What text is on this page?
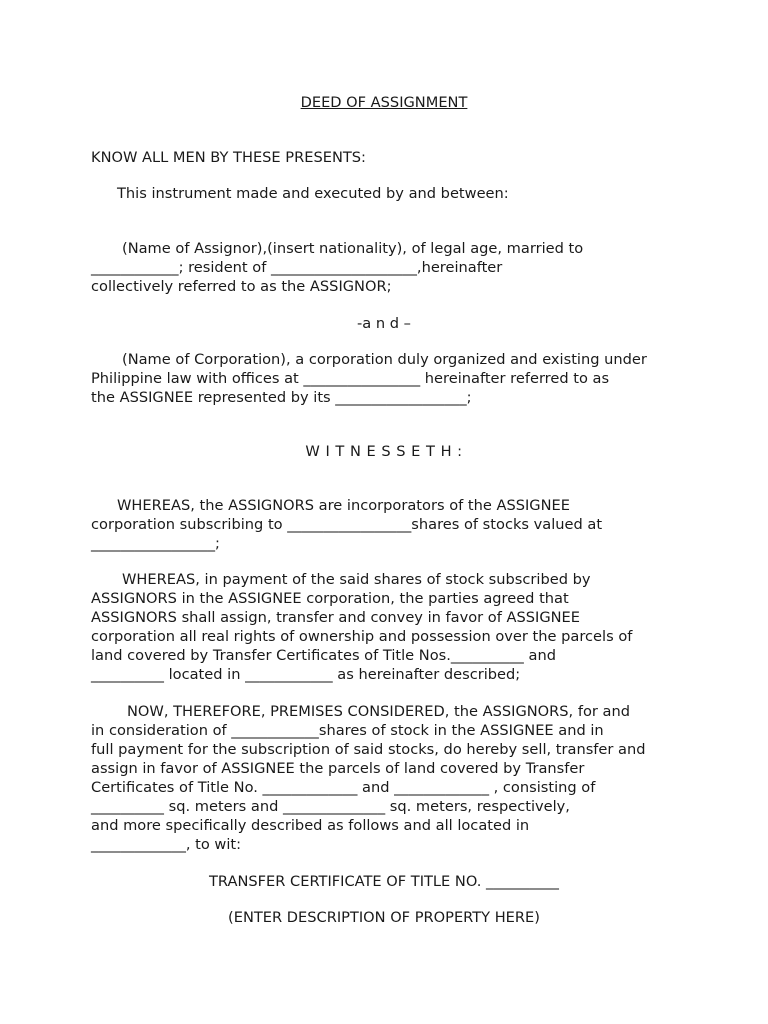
DEED OF ASSIGNMENT

KNOW ALL MEN BY THESE PRESENTS:

This instrument made and executed by and between:

(Name of Assignor),(insert nationality), of legal age, married to

____________; resident of ____________________,hereinafter

collectively referred to as the ASSIGNOR;

-a n d –

(Name of Corporation), a corporation duly organized and existing under

Philippine law with offices at ________________ hereinafter referred to as

the ASSIGNEE represented by its __________________;

W I T N E S S E T H :

WHEREAS, the ASSIGNORS are incorporators of the ASSIGNEE

corporation subscribing to _________________shares of stocks valued at

_________________;

WHEREAS, in payment of the said shares of stock subscribed by

ASSIGNORS in the ASSIGNEE corporation, the parties agreed that

ASSIGNORS shall assign, transfer and convey in favor of ASSIGNEE

corporation all real rights of ownership and possession over the parcels of

land covered by Transfer Certificates of Title Nos.__________ and

__________ located in ____________ as hereinafter described;

NOW, THEREFORE, PREMISES CONSIDERED, the ASSIGNORS, for and

in consideration of ____________shares of stock in the ASSIGNEE and in

full payment for the subscription of said stocks, do hereby sell, transfer and

assign in favor of ASSIGNEE the parcels of land covered by Transfer

Certificates of Title No. _____________ and _____________ , consisting of

__________ sq. meters and ______________ sq. meters, respectively,

and more specifically described as follows and all located in

_____________, to wit:

TRANSFER CERTIFICATE OF TITLE NO. __________

(ENTER DESCRIPTION OF PROPERTY HERE)
